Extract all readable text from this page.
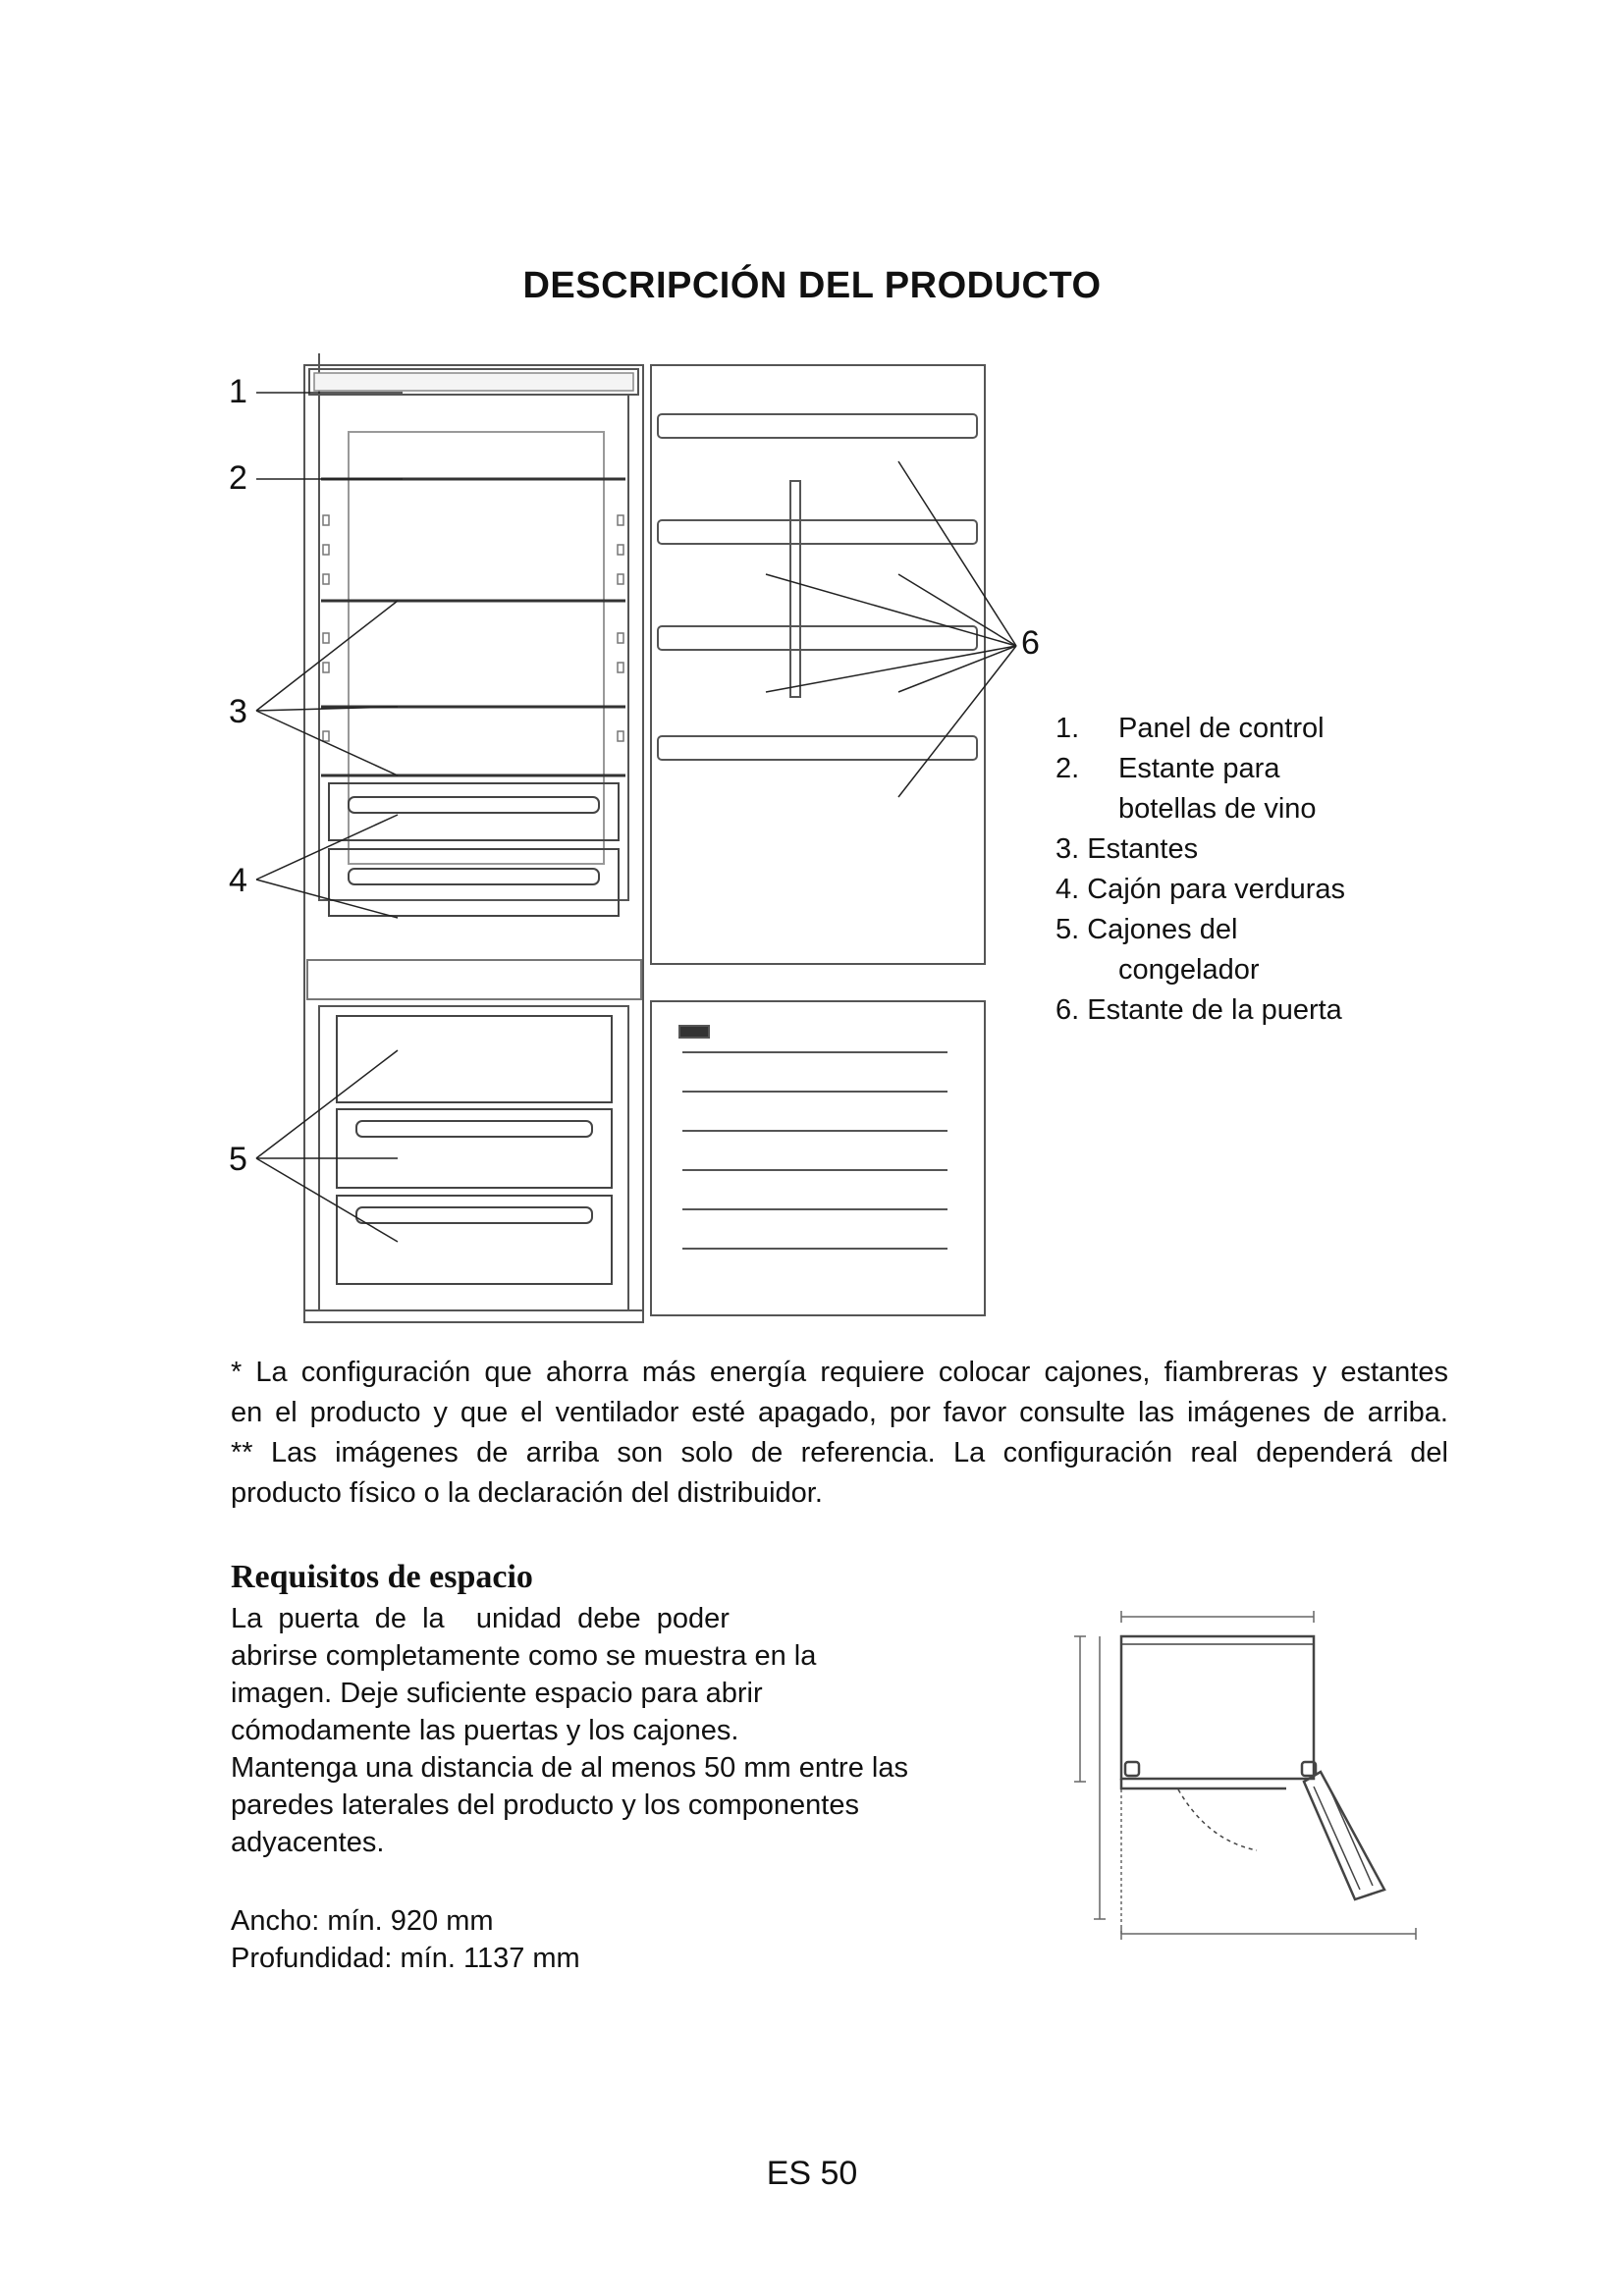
DESCRIPCIÓN DEL PRODUCTO
1
2
3
4
5
6
1. Panel de control
2. Estante para
botellas de vino
3. Estantes
4. Cajón para verduras
5. Cajones del
congelador
6. Estante de la puerta

* La configuración que ahorra más energía requiere colocar cajones, fiambreras y estantes

en el producto y que el ventilador esté apagado, por favor consulte las imágenes de arriba.

** Las imágenes de arriba son solo de referencia. La configuración real dependerá del

producto físico o la declaración del distribuidor.

Requisitos de espacio

La  puerta  de  la    unidad  debe  poder

abrirse completamente como se muestra en la

imagen. Deje suficiente espacio para abrir

cómodamente las puertas y los cajones.

Mantenga una distancia de al menos 50 mm entre las

paredes laterales del producto y los componentes

adyacentes.

Ancho: mín. 920 mm

Profundidad: mín. 1137 mm

ES 50
